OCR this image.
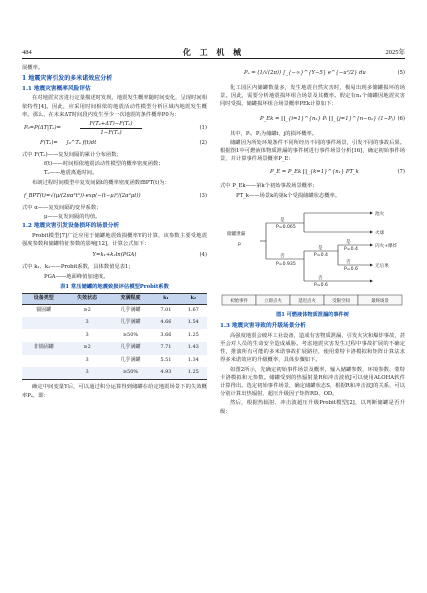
484	化 工 机 械	2025年

展概率。

1 地震灾害引发的多米诺效应分析
1.1 地震灾害概率风险评估

在对地震灾害进行定量描述时发现，地震发生概率随时间变化，呈现时间相依特性[4]。因此，应采用时间相依的地震活动性模型分析区域内地震发生概率。那么，在未来ΔT时间段内发生至少一次地震的条件概率P0为：

P₀=P(ΔT|Tₑ)=	$\frac{\text{F(Tₑ+ΔT)−F(Tₑ)}}{\text{1−F(Tₑ)}}$	(1)
F(Tₑ)= ∫₀^Tₑ f(t)dt	(2)

式中 F(Tₑ)——复发间隔的累计分布函数；

f(t)——时间相依地震活动性模型的概率密度函数；

Tₑ——地震离逝时间。

布朗过程时间模型中复发间隔t的概率密度函数fBPT(t)为：

f_BPT(t)=√(μ/(2πα²t³))·exp(−(t−μ)²/(2α²μt))	(3)

式中 α——复发间隔的变异系数；

μ——复发间隔的均值。

1.2 地震灾害引发设备损坏的场景分析

Probit模型[7]广泛应用于储罐地震致损概率Y的计算，该参数主要受地震强度参数和储罐特征参数的影响[12]，计算公式如下：

Y=k₁+k₂ln(PGA)	(4)

式中 k₁、k₂——Probit系数，具体数值见表1；

PGA——地面峰值加速度。

表1 常压储罐的地震致损评估模型Probit系数
设备类型	失效状态	充满程度	k₁	k₂
锚固罐	≥2	几乎满罐	7.01	1.67
	3	几乎满罐	4.66	1.54
	3	≥50%	3.66	1.25
非锚固罐	≥2	几乎满罐	7.71	1.43
	3	几乎满罐	5.51	1.34
	3	≥50%	4.93	1.25

确定中间变量Y后，可以通过积分运算得到储罐在给定地震场景下的失效概率Pₑ，即：

Pₑ = (1/√(2π)) ∫_{−∞}^{Y−5} e^{−u²/2} du	(5)

化工园区内储罐数量多，发生地震自然灾害时，极易出现多储罐损坏的场景。因此，需要分析地震损坏组合场景及其概率。假定有n₁个储罐因地震灾害同时受损，储罐损坏组合场景概率PEk计算如下：

P_Ek = ∏_{i=1}^{n₁} Pᵢ ∏_{j=1}^{n−n₁} (1−Pⱼ) (6)

其中，Pᵢ、Pⱼ为储罐i、j的损坏概率。

储罐因为所处环境条件不同所经历不同的事件场景，引发不同的事故后果。根据图1中可燃液体物质泄漏的事件树进行事件场景分析[16]，确定初始事件场景，并计算事件场景概率P_E：

P_E = P_Ek ∏_{k=1}^{n₁} PT_k	(7)

式中 P_Ek——第k个初始事故场景概率；

PT_k——场景k的第k个受损储罐状态概率。

储罐泄漏
p
是
P=0.065
否
P=0.935
是
P=0.4
否
P=0.6
是
P=0.4
否
P=0.6
池火
火球
闪火+爆炸
无后果
初始事件	立即点火	延迟点火	受限空间	最终场景
图1 可燃液体物质泄漏的事件树
1.3 地震灾害导致的升级场景分析

高强度地震会破坏工业设备，造成有害物质泄漏，引发火灾和爆炸事故，甚至会对人员的生命安全造成威胁。考虑地震灾害发生过程中事故扩展的不确定性，推演所有可能的多米诺事故扩展路径，使用蒙特卡洛模拟和矩阵计算法求得多米诺效应的升级概率，具体步骤如下。

如图2所示，先确定初始事件场景及概率，输入储罐参数、环境参数、蒙特卡洛模拟和元参数。储罐受到的热辐射量R和冲击波值J可以使用ALOHA软件计算得出。选定初始事件场景，确定储罐状态S，根据R和冲击波J的关系，可以分别计算出热辐射、超压升级因子矩阵RD、OD。

然后，根据热辐射、冲击波超压升级Probit模型[2]，以判断储罐是否升级：
